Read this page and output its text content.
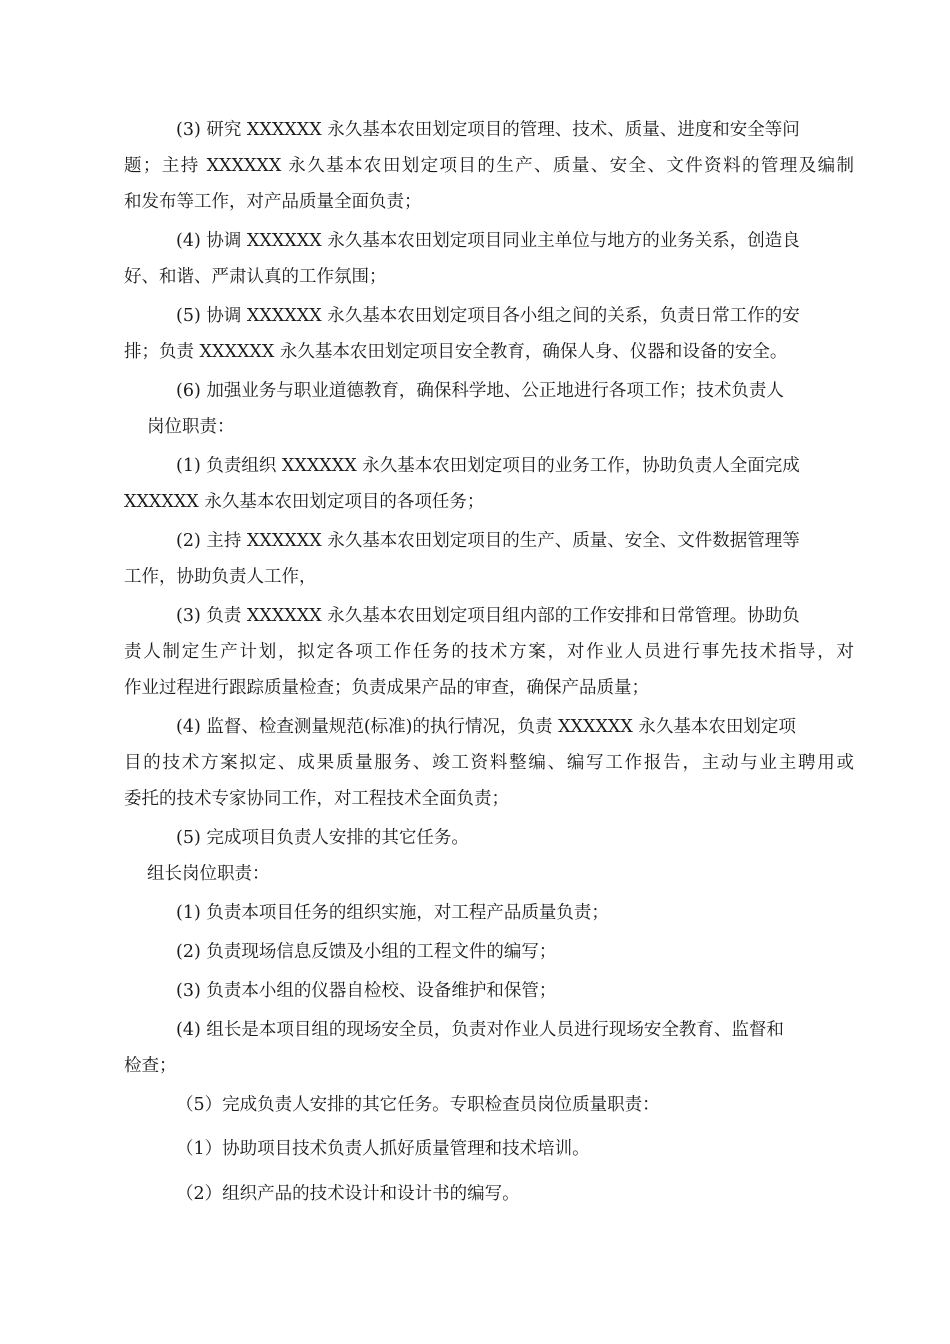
(3) 研究 XXXXXX 永久基本农田划定项目的管理、技术、质量、进度和安全等问
题；主持 XXXXXX 永久基本农田划定项目的生产、质量、安全、文件资料的管理及编制
和发布等工作，对产品质量全面负责；
(4) 协调 XXXXXX 永久基本农田划定项目同业主单位与地方的业务关系，创造良
好、和谐、严肃认真的工作氛围；
(5) 协调 XXXXXX 永久基本农田划定项目各小组之间的关系，负责日常工作的安
排；负责 XXXXXX 永久基本农田划定项目安全教育，确保人身、仪器和设备的安全。
(6) 加强业务与职业道德教育，确保科学地、公正地进行各项工作；技术负责人
岗位职责：
(1) 负责组织 XXXXXX 永久基本农田划定项目的业务工作，协助负责人全面完成
XXXXXX 永久基本农田划定项目的各项任务；
(2) 主持 XXXXXX 永久基本农田划定项目的生产、质量、安全、文件数据管理等
工作，协助负责人工作，
(3) 负责 XXXXXX 永久基本农田划定项目组内部的工作安排和日常管理。协助负
责人制定生产计划，拟定各项工作任务的技术方案，对作业人员进行事先技术指导，对
作业过程进行跟踪质量检查；负责成果产品的审查，确保产品质量；
(4) 监督、检查测量规范(标准)的执行情况，负责 XXXXXX 永久基本农田划定项
目的技术方案拟定、成果质量服务、竣工资料整编、编写工作报告，主动与业主聘用或
委托的技术专家协同工作，对工程技术全面负责；
(5) 完成项目负责人安排的其它任务。
组长岗位职责：
(1) 负责本项目任务的组织实施，对工程产品质量负责；
(2) 负责现场信息反馈及小组的工程文件的编写；
(3) 负责本小组的仪器自检校、设备维护和保管；
(4) 组长是本项目组的现场安全员，负责对作业人员进行现场安全教育、监督和
检查；
（5）完成负责人安排的其它任务。专职检查员岗位质量职责：
（1）协助项目技术负责人抓好质量管理和技术培训。
（2）组织产品的技术设计和设计书的编写。
